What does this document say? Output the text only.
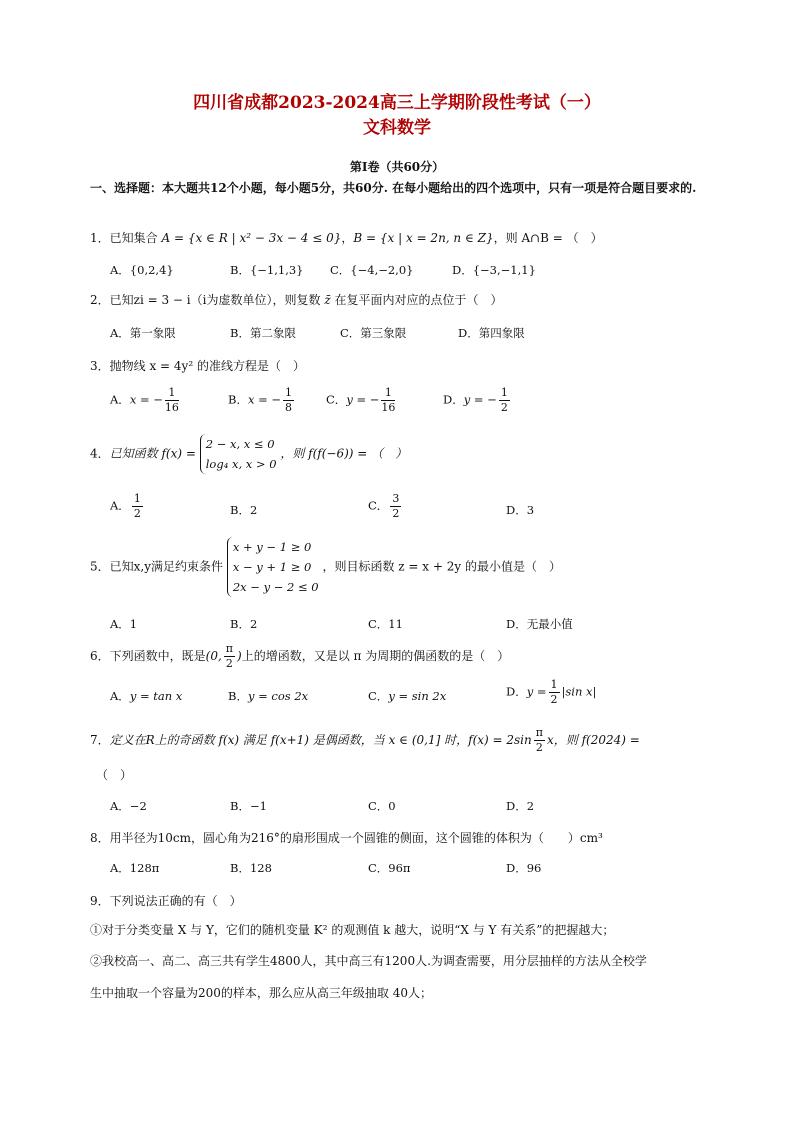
四川省成都2023-2024高三上学期阶段性考试（一）
文科数学
第Ⅰ卷（共60分）
一、选择题：本大题共12个小题，每小题5分，共60分. 在每小题给出的四个选项中，只有一项是符合题目要求的.
1．已知集合 A = {x ∈ R | x² − 3x − 4 ≤ 0}，B = {x | x = 2n, n ∈ Z}，则 A∩B = （　）
A．{0,2,4}	B．{−1,1,3} C．{−4,−2,0}	D．{−3,−1,1}
2．已知zi = 3 − i（i为虚数单位），则复数 z̄ 在复平面内对应的点位于（　）
A．第一象限	B．第二象限	C．第三象限	D．第四象限
3．抛物线 x = 4y² 的准线方程是（　）
A．x = − $\frac{1}{16}$	B．x = − $\frac{1}{8}$	C．y = − $\frac{1}{16}$	D．y = − $\frac{1}{2}$
4．已知函数 f(x) =
2 − x, x ≤ 0
log₄ x, x > 0
，则 f(f(−6)) = （　）
A． $\frac{1}{2}$	B．2	C． $\frac{3}{2}$	D．3
5．已知x,y满足约束条件
x + y − 1 ≥ 0
x − y + 1 ≥ 0
2x − y − 2 ≤ 0
，则目标函数 z = x + 2y 的最小值是（　）
A．1	B．2	C．11	D．无最小值
6．下列函数中，既是(0, $\frac{\pi}{2}$ )上的增函数，又是以 π 为周期的偶函数的是（　）
A．y = tan x	B．y = cos 2x	C．y = sin 2x	D．$y = \frac{1}{2} |\sin$ x|
7．定义在R上的奇函数 f(x) 满足 f(x+1) 是偶函数，当 x ∈ (0,1] 时，$f(x) = 2\sin \frac{\pi}{2}$ x，则 f(2024) =
（　）
A．−2	B．−1	C．0	D．2
8．用半径为10cm，圆心角为216°的扇形围成一个圆锥的侧面，这个圆锥的体积为（　　）cm³
A．128π	B．128	C．96π	D．96
9．下列说法正确的有（　）
①对于分类变量 X 与 Y，它们的随机变量 K² 的观测值 k 越大，说明“X 与 Y 有关系”的把握越大；
②我校高一、高二、高三共有学生4800人，其中高三有1200人.为调查需要，用分层抽样的方法从全校学
生中抽取一个容量为200的样本，那么应从高三年级抽取 40人；
